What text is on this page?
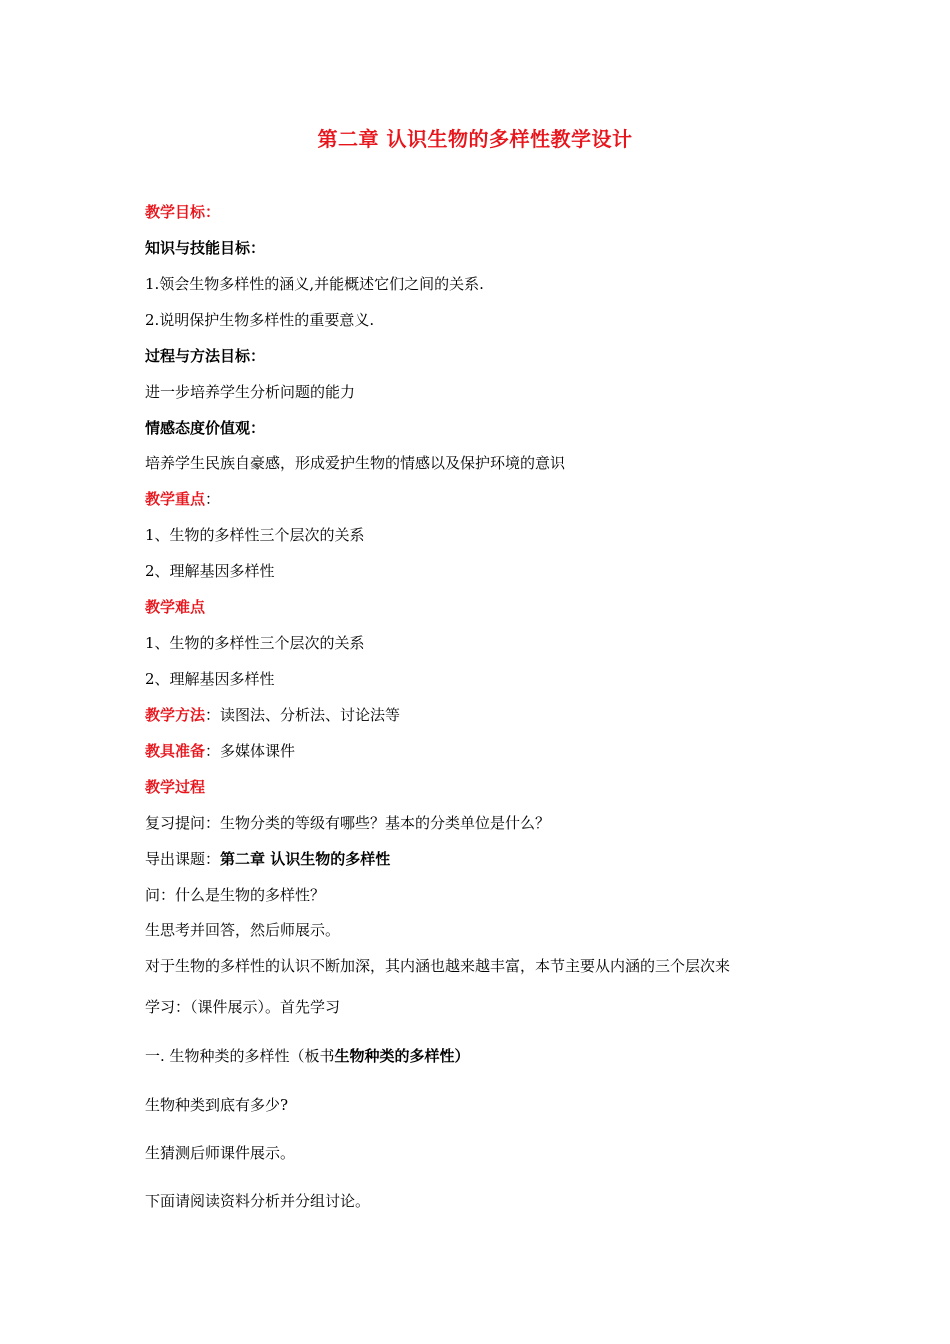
第二章 认识生物的多样性教学设计
教学目标：
知识与技能目标：
1.领会生物多样性的涵义,并能概述它们之间的关系.
2.说明保护生物多样性的重要意义.
过程与方法目标：
进一步培养学生分析问题的能力
情感态度价值观：
培养学生民族自豪感，形成爱护生物的情感以及保护环境的意识
教学重点：
1、生物的多样性三个层次的关系
2、理解基因多样性
教学难点
1、生物的多样性三个层次的关系
2、理解基因多样性
教学方法：读图法、分析法、讨论法等
教具准备：多媒体课件
教学过程
复习提问：生物分类的等级有哪些？基本的分类单位是什么？
导出课题：第二章 认识生物的多样性
问：什么是生物的多样性？
生思考并回答，然后师展示。
对于生物的多样性的认识不断加深，其内涵也越来越丰富，本节主要从内涵的三个层次来
学习：（课件展示）。首先学习
一. 生物种类的多样性（板书生物种类的多样性）
生物种类到底有多少?
生猜测后师课件展示。
下面请阅读资料分析并分组讨论。
